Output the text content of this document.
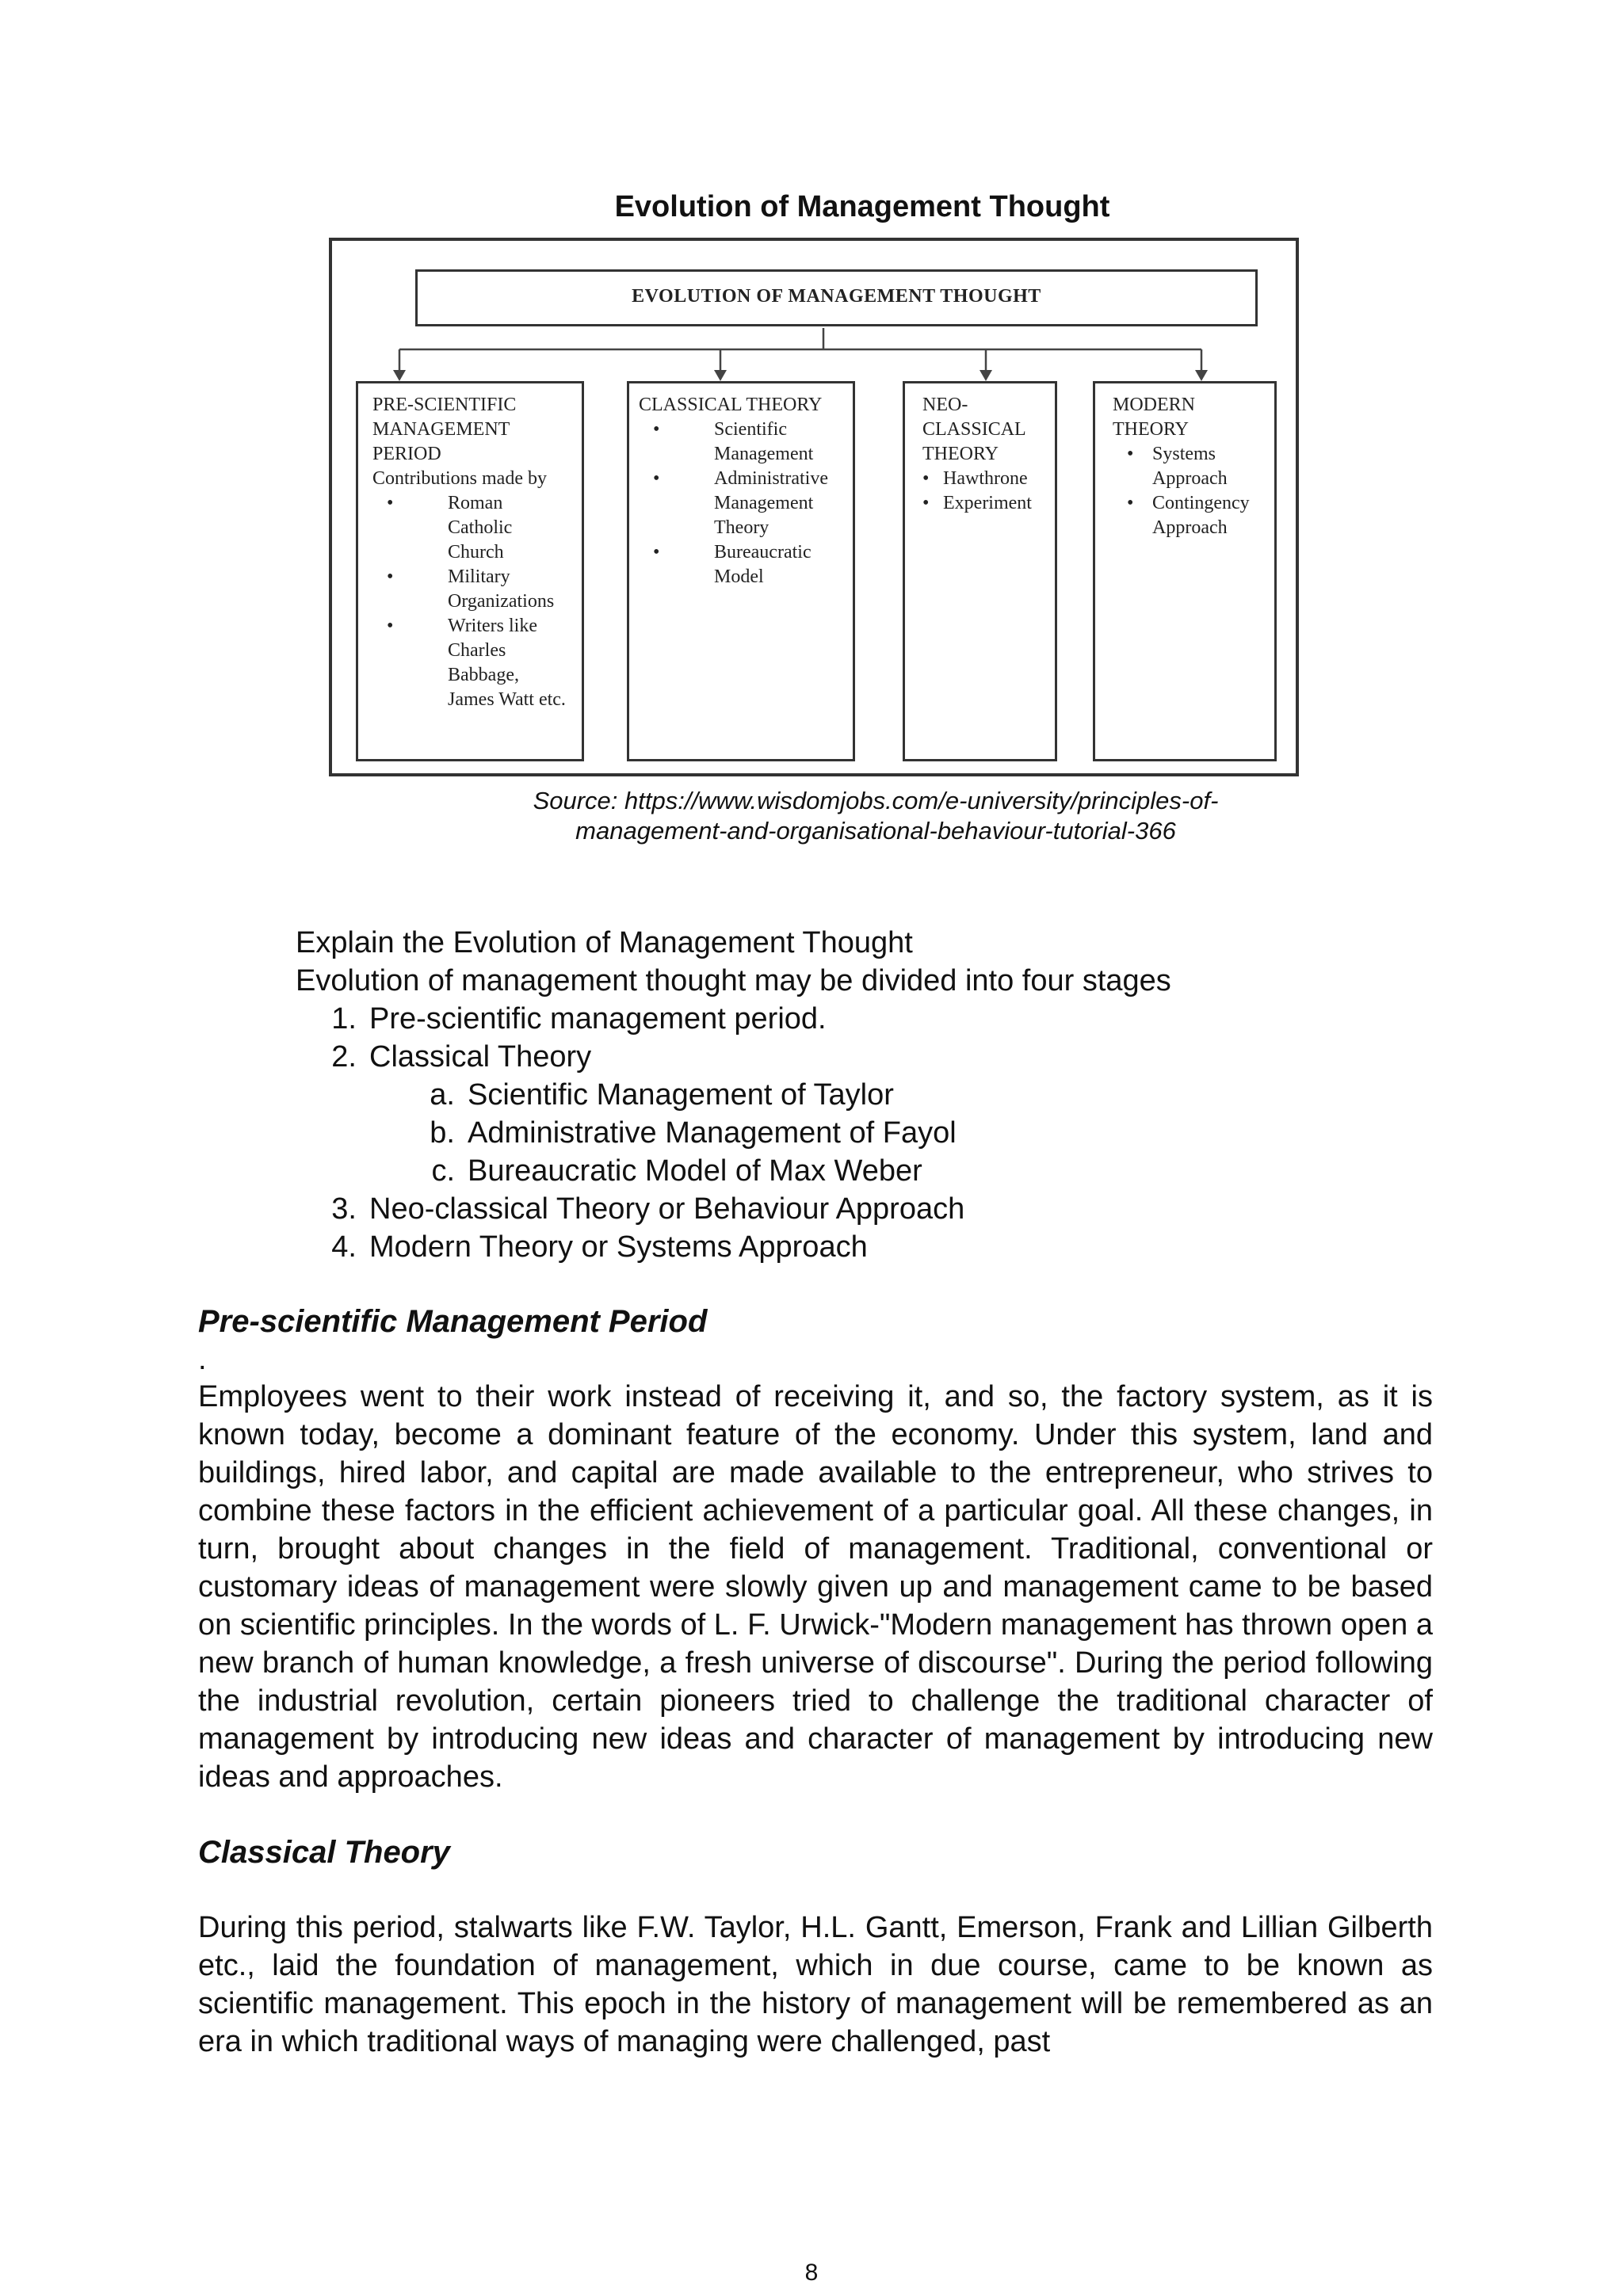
Evolution of Management Thought
EVOLUTION OF MANAGEMENT THOUGHT
PRE-SCIENTIFIC
MANAGEMENT
PERIOD
Contributions made by
• Roman Catholic Church
• Military Organizations
• Writers like Charles Babbage, James Watt etc.
CLASSICAL THEORY
• Scientific Management
• Administrative Management Theory
• Bureaucratic Model
NEO-
CLASSICAL
THEORY
• Hawthrone
• Experiment
MODERN
THEORY
• Systems Approach
• Contingency Approach
Source: https://www.wisdomjobs.com/e-university/principles-of-
management-and-organisational-behaviour-tutorial-366
Explain the Evolution of Management Thought
Evolution of management thought may be divided into four stages
1. Pre-scientific management period.
2. Classical Theory
a. Scientific Management of Taylor
b. Administrative Management of Fayol
c. Bureaucratic Model of Max Weber
3. Neo-classical Theory or Behaviour Approach
4. Modern Theory or Systems Approach
Pre-scientific Management Period
.
Employees went to their work instead of receiving it, and so, the factory system, as it is known today, become a dominant feature of the economy. Under this system, land and buildings, hired labor, and capital are made available to the entrepreneur, who strives to combine these factors in the efficient achievement of a particular goal. All these changes, in turn, brought about changes in the field of management. Traditional, conventional or customary ideas of management were slowly given up and management came to be based on scientific principles. In the words of L. F. Urwick-"Modern management has thrown open a new branch of human knowledge, a fresh universe of discourse". During the period following the industrial revolution, certain pioneers tried to challenge the traditional character of management by introducing new ideas and character of management by introducing new ideas and approaches.
Classical Theory
During this period, stalwarts like F.W. Taylor, H.L. Gantt, Emerson, Frank and Lillian Gilberth etc., laid the foundation of management, which in due course, came to be known as scientific management. This epoch in the history of management will be remembered as an era in which traditional ways of managing were challenged, past
8
